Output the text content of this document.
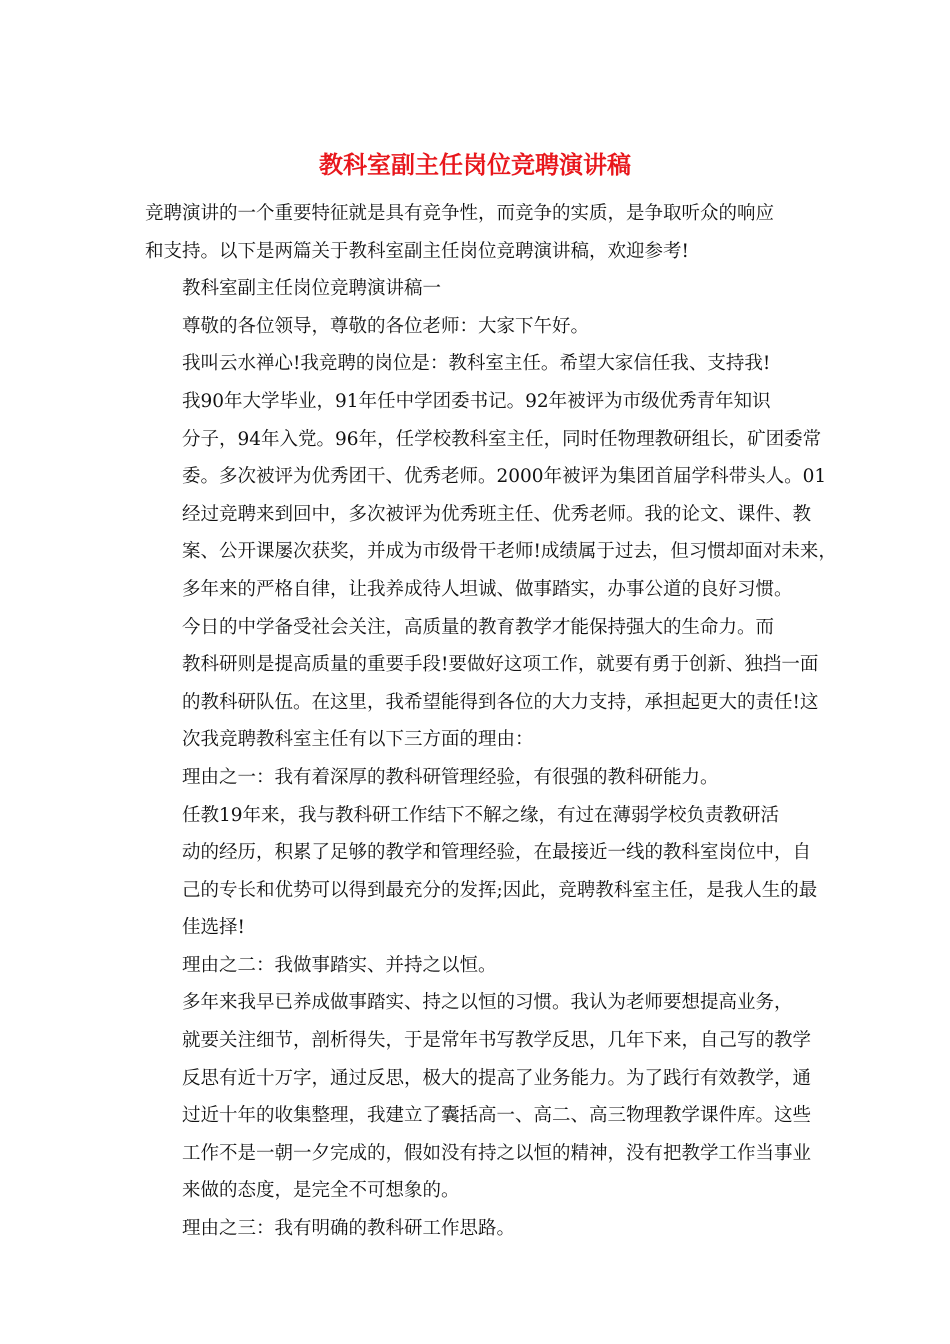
教科室副主任岗位竞聘演讲稿

竞聘演讲的一个重要特征就是具有竞争性，而竞争的实质，是争取听众的响应
和支持。以下是两篇关于教科室副主任岗位竞聘演讲稿，欢迎参考!

教科室副主任岗位竞聘演讲稿一

尊敬的各位领导，尊敬的各位老师：大家下午好。

我叫云水禅心!我竞聘的岗位是：教科室主任。希望大家信任我、支持我!

我90年大学毕业，91年任中学团委书记。92年被评为市级优秀青年知识
分子，94年入党。96年，任学校教科室主任，同时任物理教研组长，矿团委常
委。多次被评为优秀团干、优秀老师。2000年被评为集团首届学科带头人。01
经过竞聘来到回中，多次被评为优秀班主任、优秀老师。我的论文、课件、教
案、公开课屡次获奖，并成为市级骨干老师!成绩属于过去，但习惯却面对未来，
多年来的严格自律，让我养成待人坦诚、做事踏实，办事公道的良好习惯。

今日的中学备受社会关注，高质量的教育教学才能保持强大的生命力。而
教科研则是提高质量的重要手段!要做好这项工作，就要有勇于创新、独挡一面
的教科研队伍。在这里，我希望能得到各位的大力支持，承担起更大的责任!这
次我竞聘教科室主任有以下三方面的理由：

理由之一：我有着深厚的教科研管理经验，有很强的教科研能力。

任教19年来，我与教科研工作结下不解之缘，有过在薄弱学校负责教研活
动的经历，积累了足够的教学和管理经验，在最接近一线的教科室岗位中，自
己的专长和优势可以得到最充分的发挥;因此，竞聘教科室主任，是我人生的最
佳选择!

理由之二：我做事踏实、并持之以恒。

多年来我早已养成做事踏实、持之以恒的习惯。我认为老师要想提高业务，
就要关注细节，剖析得失，于是常年书写教学反思，几年下来，自己写的教学
反思有近十万字，通过反思，极大的提高了业务能力。为了践行有效教学，通
过近十年的收集整理，我建立了囊括高一、高二、高三物理教学课件库。这些
工作不是一朝一夕完成的，假如没有持之以恒的精神，没有把教学工作当事业
来做的态度，是完全不可想象的。

理由之三：我有明确的教科研工作思路。
